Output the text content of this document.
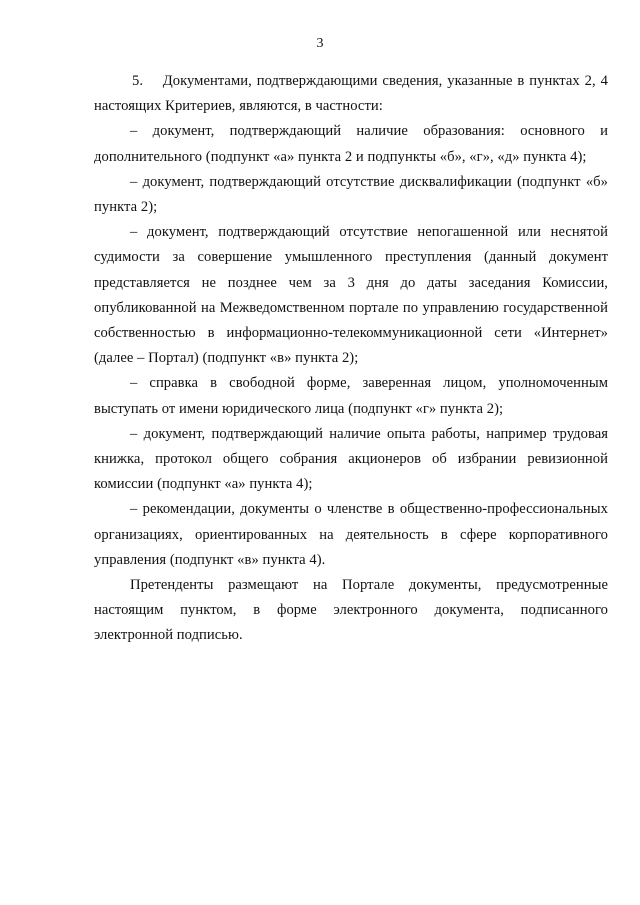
3

5.    Документами, подтверждающими сведения, указанные в пунктах 2, 4 настоящих Критериев, являются, в частности:

– документ, подтверждающий наличие образования: основного и дополнительного (подпункт «а» пункта 2 и подпункты «б», «г», «д» пункта 4);

– документ, подтверждающий отсутствие дисквалификации (подпункт «б» пункта 2);

– документ, подтверждающий отсутствие непогашенной или неснятой судимости за совершение умышленного преступления (данный документ представляется не позднее чем за 3 дня до даты заседания Комиссии, опубликованной на Межведомственном портале по управлению государственной собственностью в информационно-телекоммуникационной сети «Интернет» (далее – Портал) (подпункт «в» пункта 2);

– справка в свободной форме, заверенная лицом, уполномоченным выступать от имени юридического лица (подпункт «г» пункта 2);

– документ, подтверждающий наличие опыта работы, например трудовая книжка, протокол общего собрания акционеров об избрании ревизионной комиссии (подпункт «а» пункта 4);

– рекомендации, документы о членстве в общественно-профессиональных организациях, ориентированных на деятельность в сфере корпоративного управления (подпункт «в» пункта 4).

Претенденты размещают на Портале документы, предусмотренные настоящим пунктом, в форме электронного документа, подписанного электронной подписью.
